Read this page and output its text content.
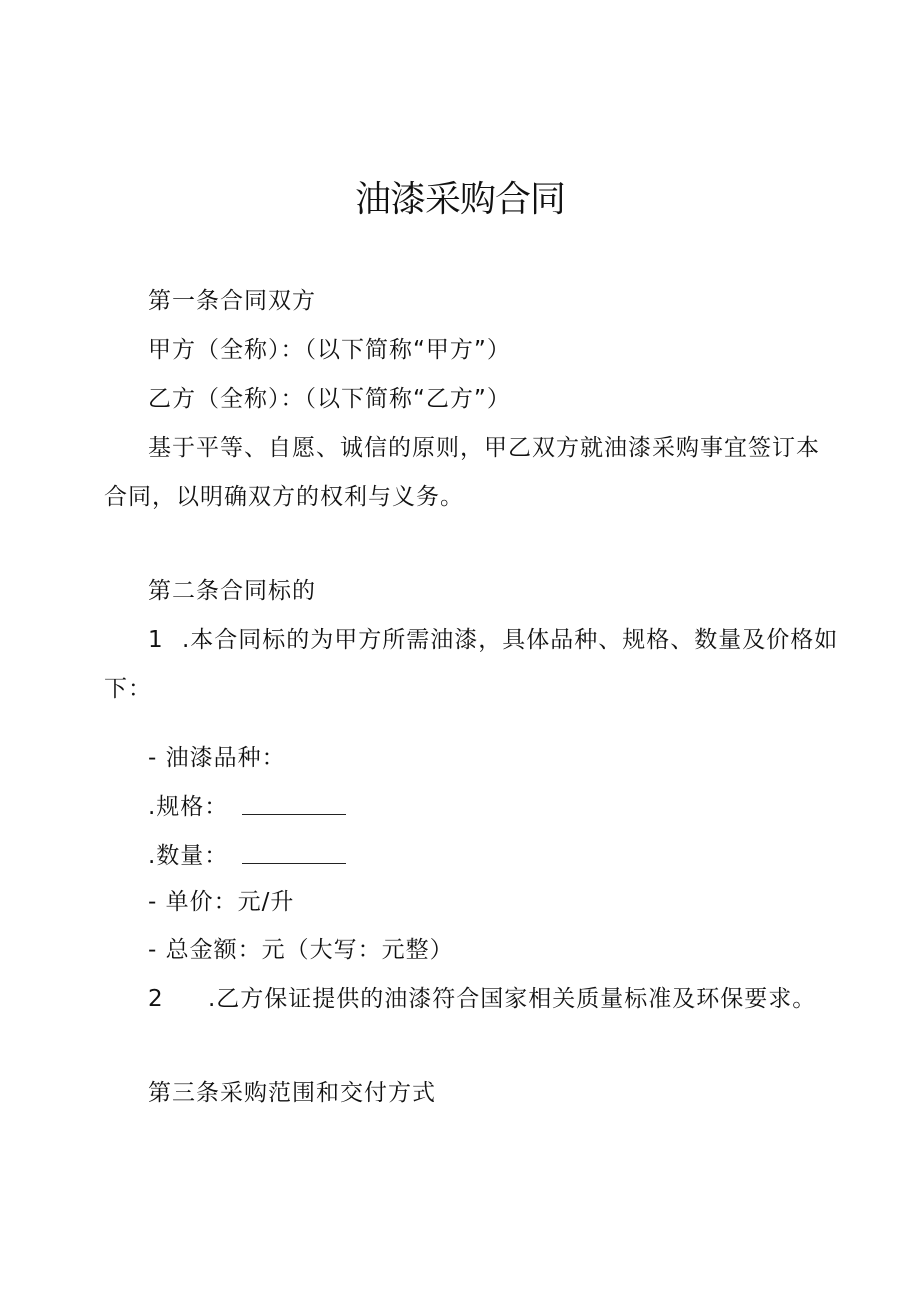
油漆采购合同
第一条合同双方
甲方（全称）：（以下简称“甲方”）
乙方（全称）：（以下简称“乙方”）
基于平等、自愿、诚信的原则，甲乙双方就油漆采购事宜签订本
合同，以明确双方的权利与义务。
第二条合同标的
1 .本合同标的为甲方所需油漆，具体品种、规格、数量及价格如
下：
- 油漆品种：
.规格：
.数量：
- 单价：元/升
- 总金额：元（大写：元整）
2 .乙方保证提供的油漆符合国家相关质量标准及环保要求。
第三条采购范围和交付方式
